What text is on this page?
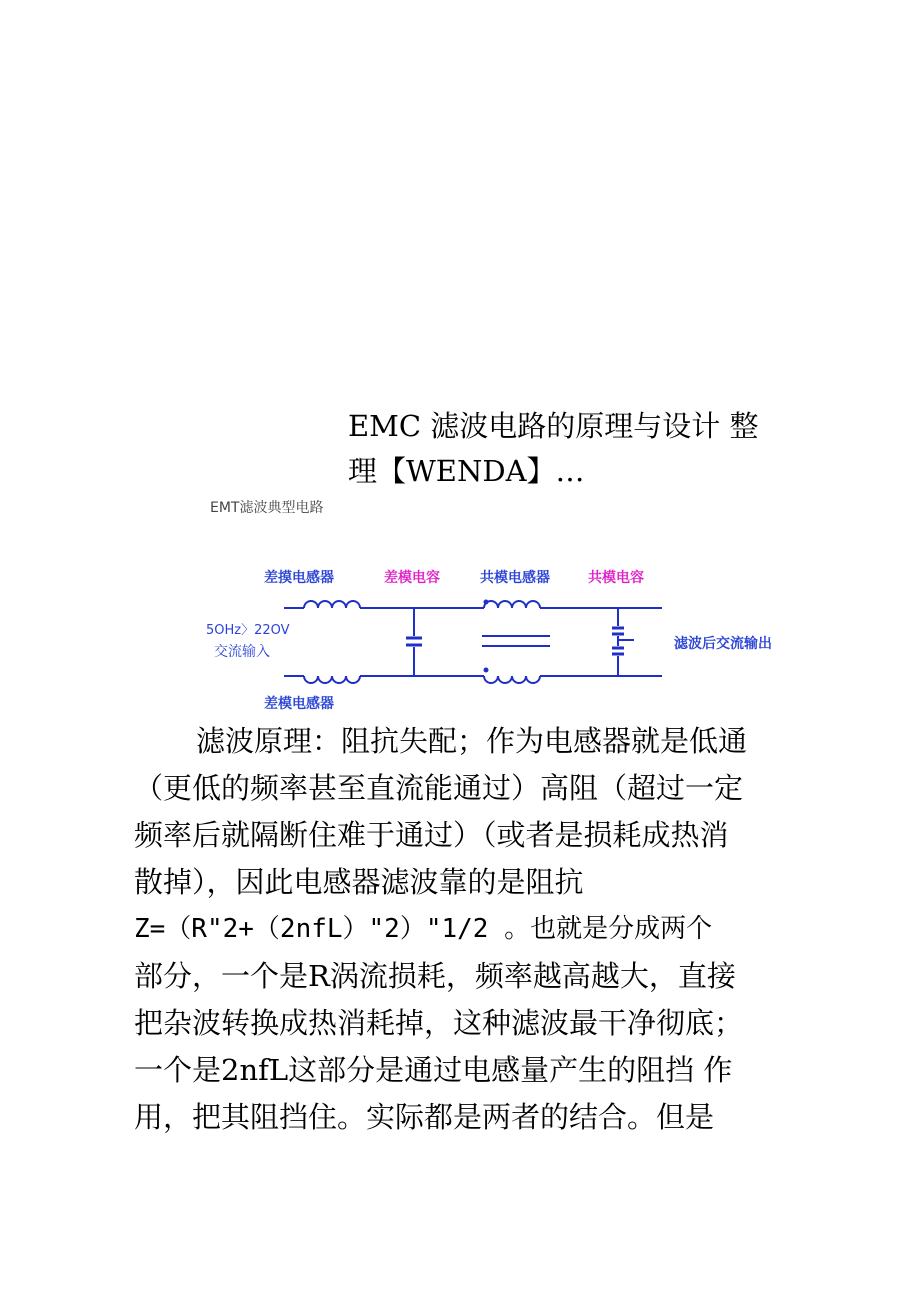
EMC 滤波电路的原理与设计 整
理【WENDA】…
EMT滤波典型电路
差摸电感器	差模电容	共模电感器	共模电容
5OHz〉22OV
交流输入	滤波后交流输出
差模电感器

滤波原理：阻抗失配；作为电感器就是低通
（更低的频率甚至直流能通过）高阻（超过一定
频率后就隔断住难于通过）（或者是损耗成热消
散掉），因此电感器滤波靠的是阻抗
Z=（R"2+（2nfL）"2）"1/2 。也就是分成两个
部分，一个是R涡流损耗，频率越高越大，直接
把杂波转换成热消耗掉，这种滤波最干净彻底；
一个是2nfL这部分是通过电感量产生的阻挡 作
用，把其阻挡住。实际都是两者的结合。但是
